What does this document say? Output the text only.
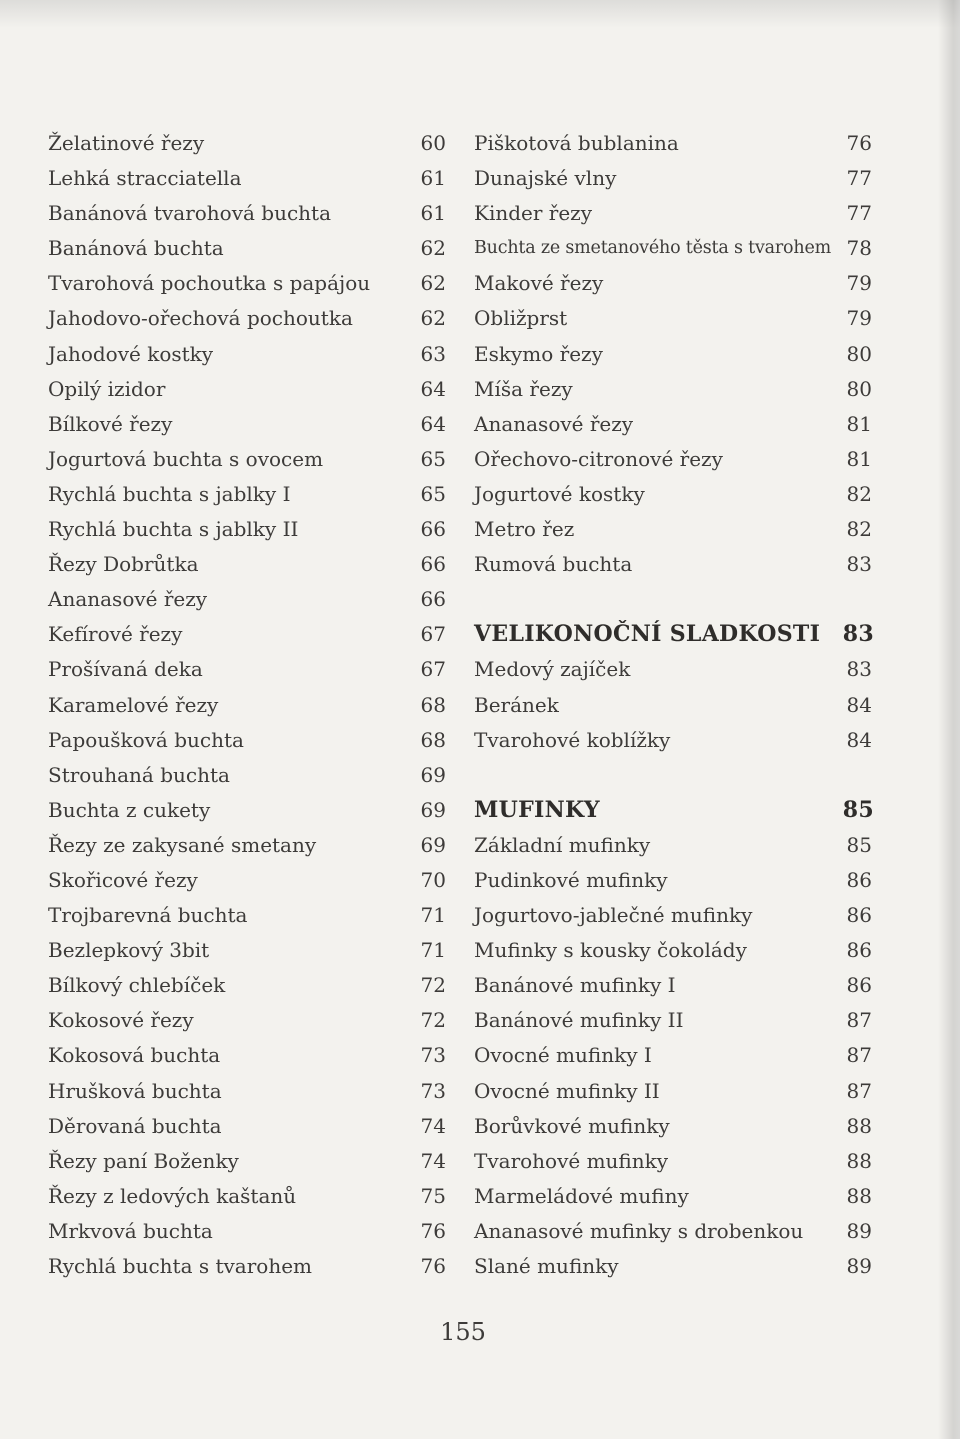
Želatinové řezy	60
Lehká stracciatella	61
Banánová tvarohová buchta	61
Banánová buchta	62
Tvarohová pochoutka s papájou	62
Jahodovo-ořechová pochoutka	62
Jahodové kostky	63
Opilý izidor	64
Bílkové řezy	64
Jogurtová buchta s ovocem	65
Rychlá buchta s jablky I	65
Rychlá buchta s jablky II	66
Řezy Dobrůtka	66
Ananasové řezy	66
Kefírové řezy	67
Prošívaná deka	67
Karamelové řezy	68
Papoušková buchta	68
Strouhaná buchta	69
Buchta z cukety	69
Řezy ze zakysané smetany	69
Skořicové řezy	70
Trojbarevná buchta	71
Bezlepkový 3bit	71
Bílkový chlebíček	72
Kokosové řezy	72
Kokosová buchta	73
Hrušková buchta	73
Děrovaná buchta	74
Řezy paní Boženky	74
Řezy z ledových kaštanů	75
Mrkvová buchta	76
Rychlá buchta s tvarohem	76
Piškotová bublanina	76
Dunajské vlny	77
Kinder řezy	77
Buchta ze smetanového těsta s tvarohem 78
Makové řezy	79
Obližprst	79
Eskymo řezy	80
Míša řezy	80
Ananasové řezy	81
Ořechovo-citronové řezy	81
Jogurtové kostky	82
Metro řez	82
Rumová buchta	83
VELIKONOČNÍ SLADKOSTI 83
Medový zajíček	83
Beránek	84
Tvarohové koblížky	84
MUFINKY	85
Základní mufinky	85
Pudinkové mufinky	86
Jogurtovo-jablečné mufinky	86
Mufinky s kousky čokolády	86
Banánové mufinky I	86
Banánové mufinky II	87
Ovocné mufinky I	87
Ovocné mufinky II	87
Borůvkové mufinky	88
Tvarohové mufinky	88
Marmeládové mufiny	88
Ananasové mufinky s drobenkou 89
Slané mufinky	89
155
